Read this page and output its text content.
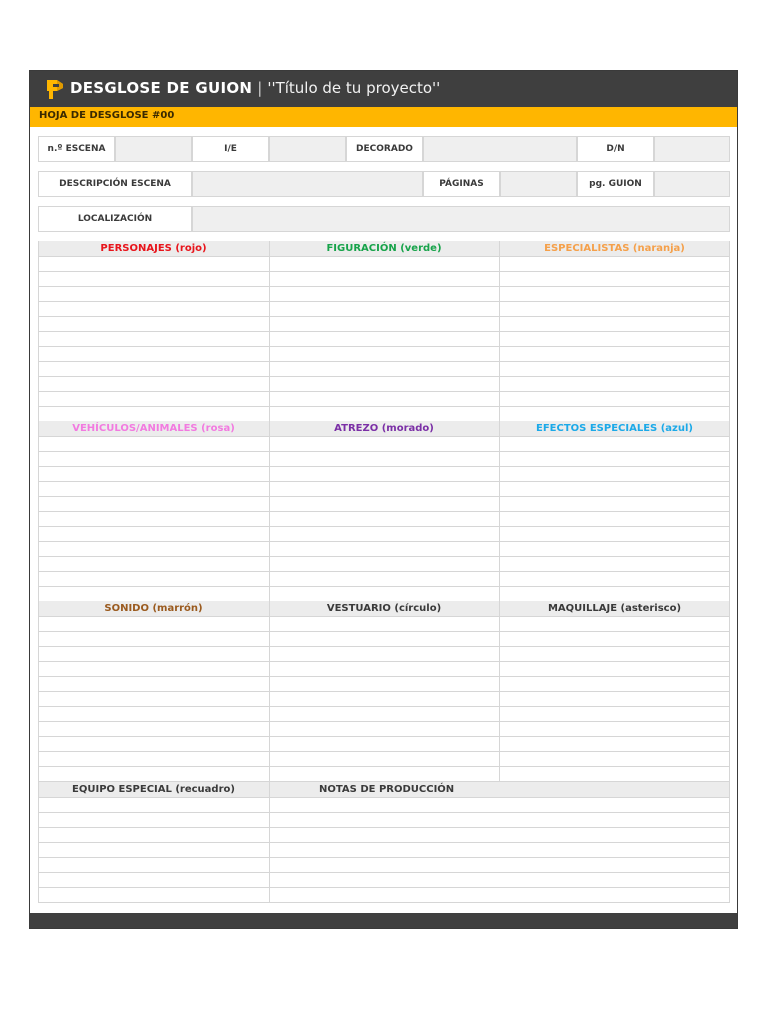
DESGLOSE DE GUION | ''Título de tu proyecto''
HOJA DE DESGLOSE #00
n.º ESCENA	I/E	DECORADO	D/N
DESCRIPCIÓN ESCENA	PÁGINAS	pg. GUION
LOCALIZACIÓN
PERSONAJES (rojo)	FIGURACIÓN (verde)	ESPECIALISTAS (naranja)
VEHÍCULOS/ANIMALES (rosa)	ATREZO (morado)	EFECTOS ESPECIALES (azul)
SONIDO (marrón)	VESTUARIO (círculo)	MAQUILLAJE (asterisco)
EQUIPO ESPECIAL (recuadro)	NOTAS DE PRODUCCIÓN
